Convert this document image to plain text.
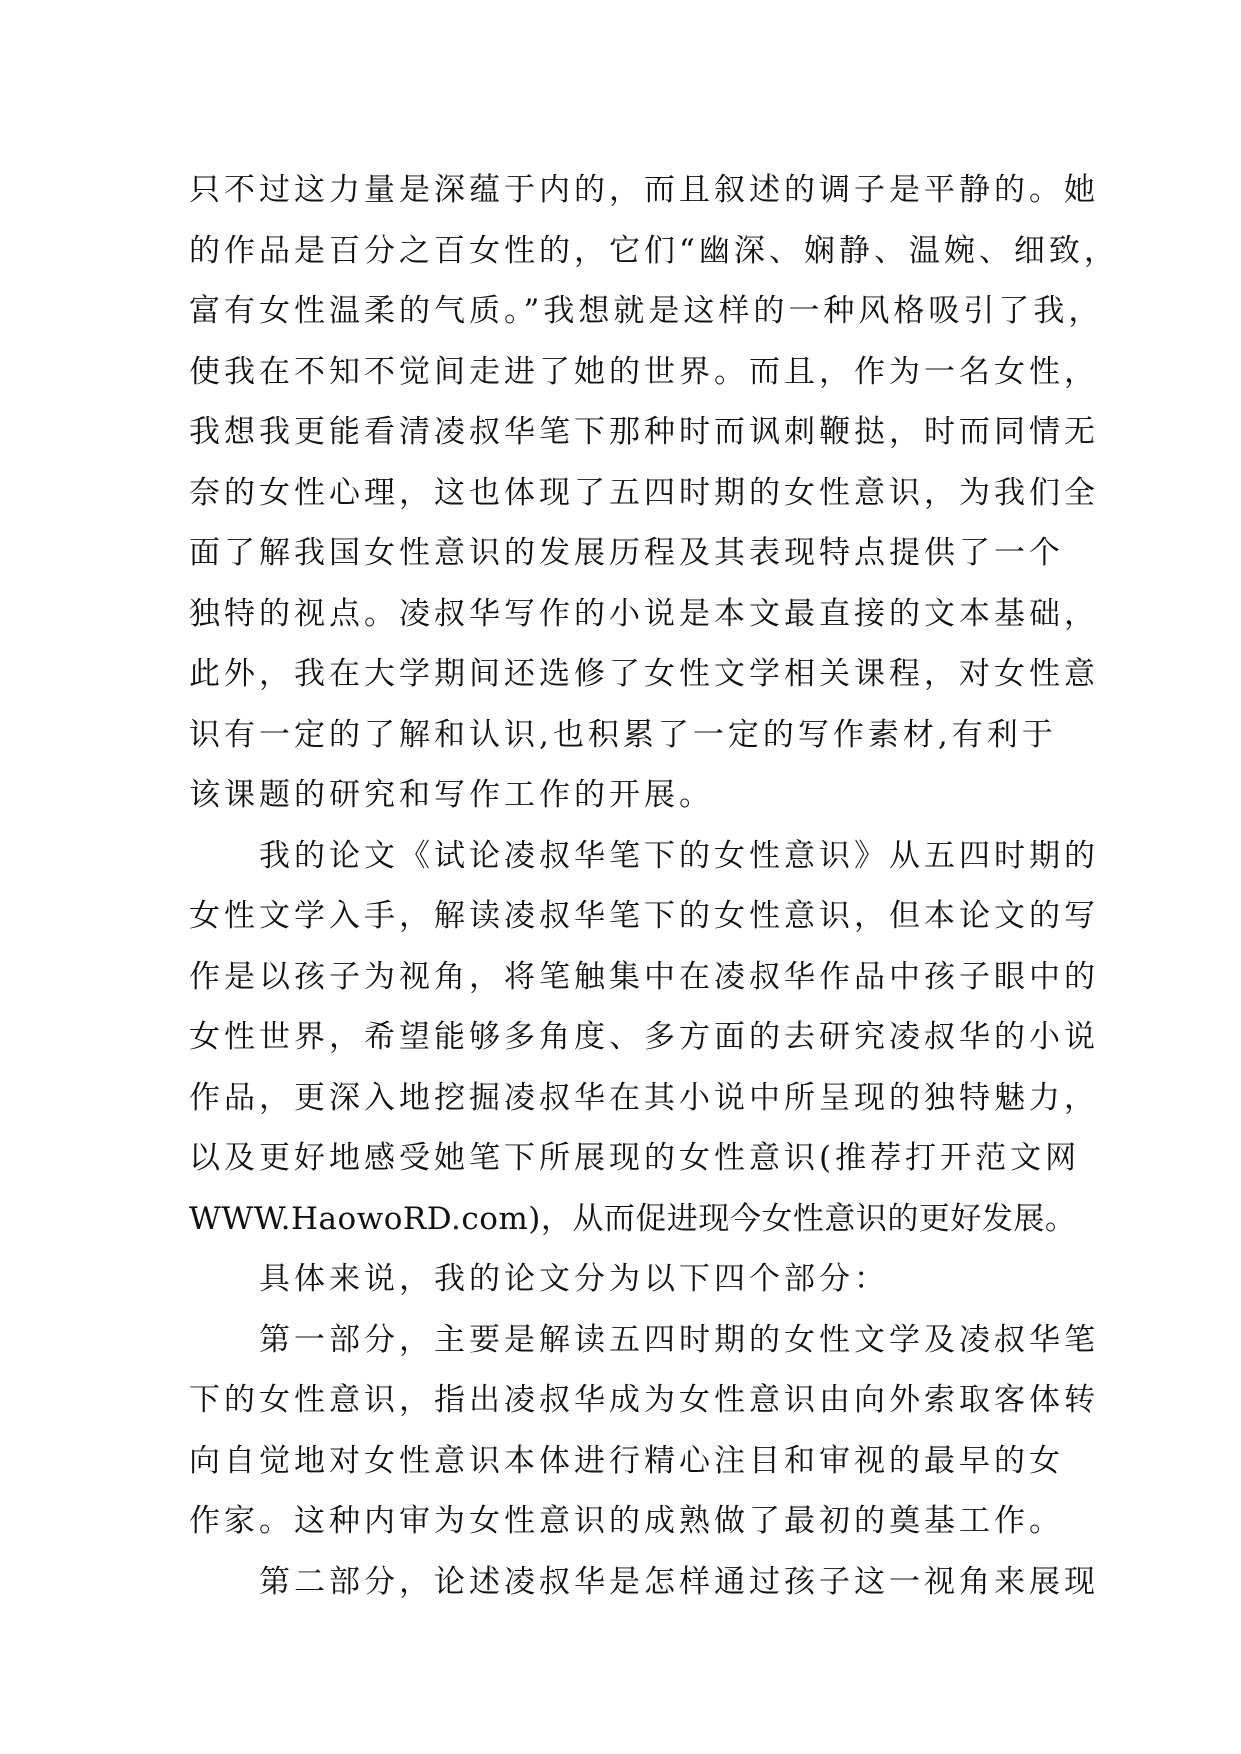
只不过这力量是深蕴于内的，而且叙述的调子是平静的。她
的作品是百分之百女性的，它们“幽深、娴静、温婉、细致，
富有女性温柔的气质。”我想就是这样的一种风格吸引了我，
使我在不知不觉间走进了她的世界。而且，作为一名女性，
我想我更能看清凌叔华笔下那种时而讽刺鞭挞，时而同情无
奈的女性心理，这也体现了五四时期的女性意识，为我们全
面了解我国女性意识的发展历程及其表现特点提供了一个
独特的视点。凌叔华写作的小说是本文最直接的文本基础，
此外，我在大学期间还选修了女性文学相关课程，对女性意
识有一定的了解和认识,也积累了一定的写作素材,有利于
该课题的研究和写作工作的开展。
我的论文《试论凌叔华笔下的女性意识》从五四时期的
女性文学入手，解读凌叔华笔下的女性意识，但本论文的写
作是以孩子为视角，将笔触集中在凌叔华作品中孩子眼中的
女性世界，希望能够多角度、多方面的去研究凌叔华的小说
作品，更深入地挖掘凌叔华在其小说中所呈现的独特魅力，
以及更好地感受她笔下所展现的女性意识(推荐打开范文网
WWW.HaowoRD.com)，从而促进现今女性意识的更好发展。
具体来说，我的论文分为以下四个部分：
第一部分，主要是解读五四时期的女性文学及凌叔华笔
下的女性意识，指出凌叔华成为女性意识由向外索取客体转
向自觉地对女性意识本体进行精心注目和审视的最早的女
作家。这种内审为女性意识的成熟做了最初的奠基工作。
第二部分，论述凌叔华是怎样通过孩子这一视角来展现
